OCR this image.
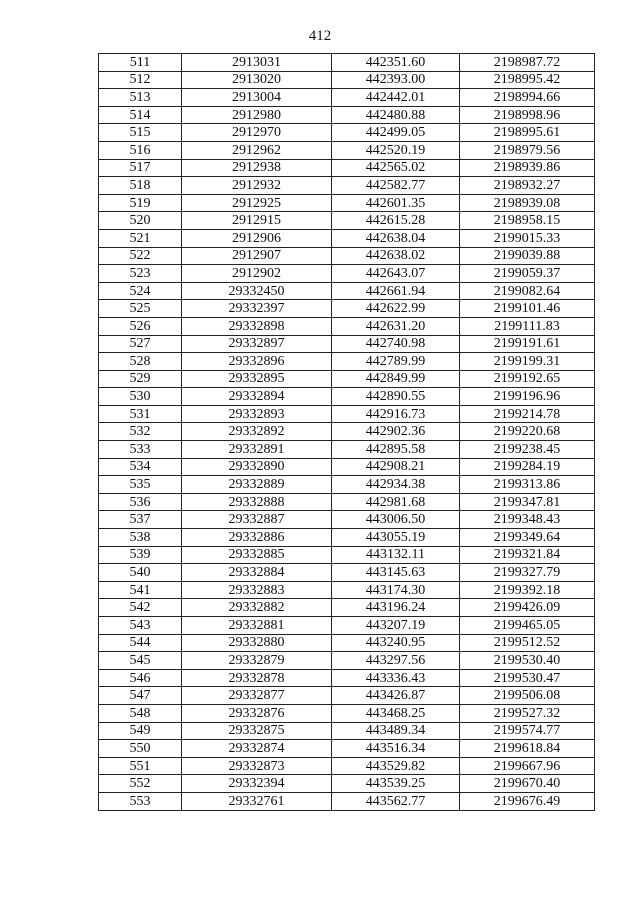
412
511	2913031	442351.60	2198987.72
512	2913020	442393.00	2198995.42
513	2913004	442442.01	2198994.66
514	2912980	442480.88	2198998.96
515	2912970	442499.05	2198995.61
516	2912962	442520.19	2198979.56
517	2912938	442565.02	2198939.86
518	2912932	442582.77	2198932.27
519	2912925	442601.35	2198939.08
520	2912915	442615.28	2198958.15
521	2912906	442638.04	2199015.33
522	2912907	442638.02	2199039.88
523	2912902	442643.07	2199059.37
524	29332450	442661.94	2199082.64
525	29332397	442622.99	2199101.46
526	29332898	442631.20	2199111.83
527	29332897	442740.98	2199191.61
528	29332896	442789.99	2199199.31
529	29332895	442849.99	2199192.65
530	29332894	442890.55	2199196.96
531	29332893	442916.73	2199214.78
532	29332892	442902.36	2199220.68
533	29332891	442895.58	2199238.45
534	29332890	442908.21	2199284.19
535	29332889	442934.38	2199313.86
536	29332888	442981.68	2199347.81
537	29332887	443006.50	2199348.43
538	29332886	443055.19	2199349.64
539	29332885	443132.11	2199321.84
540	29332884	443145.63	2199327.79
541	29332883	443174.30	2199392.18
542	29332882	443196.24	2199426.09
543	29332881	443207.19	2199465.05
544	29332880	443240.95	2199512.52
545	29332879	443297.56	2199530.40
546	29332878	443336.43	2199530.47
547	29332877	443426.87	2199506.08
548	29332876	443468.25	2199527.32
549	29332875	443489.34	2199574.77
550	29332874	443516.34	2199618.84
551	29332873	443529.82	2199667.96
552	29332394	443539.25	2199670.40
553	29332761	443562.77	2199676.49
